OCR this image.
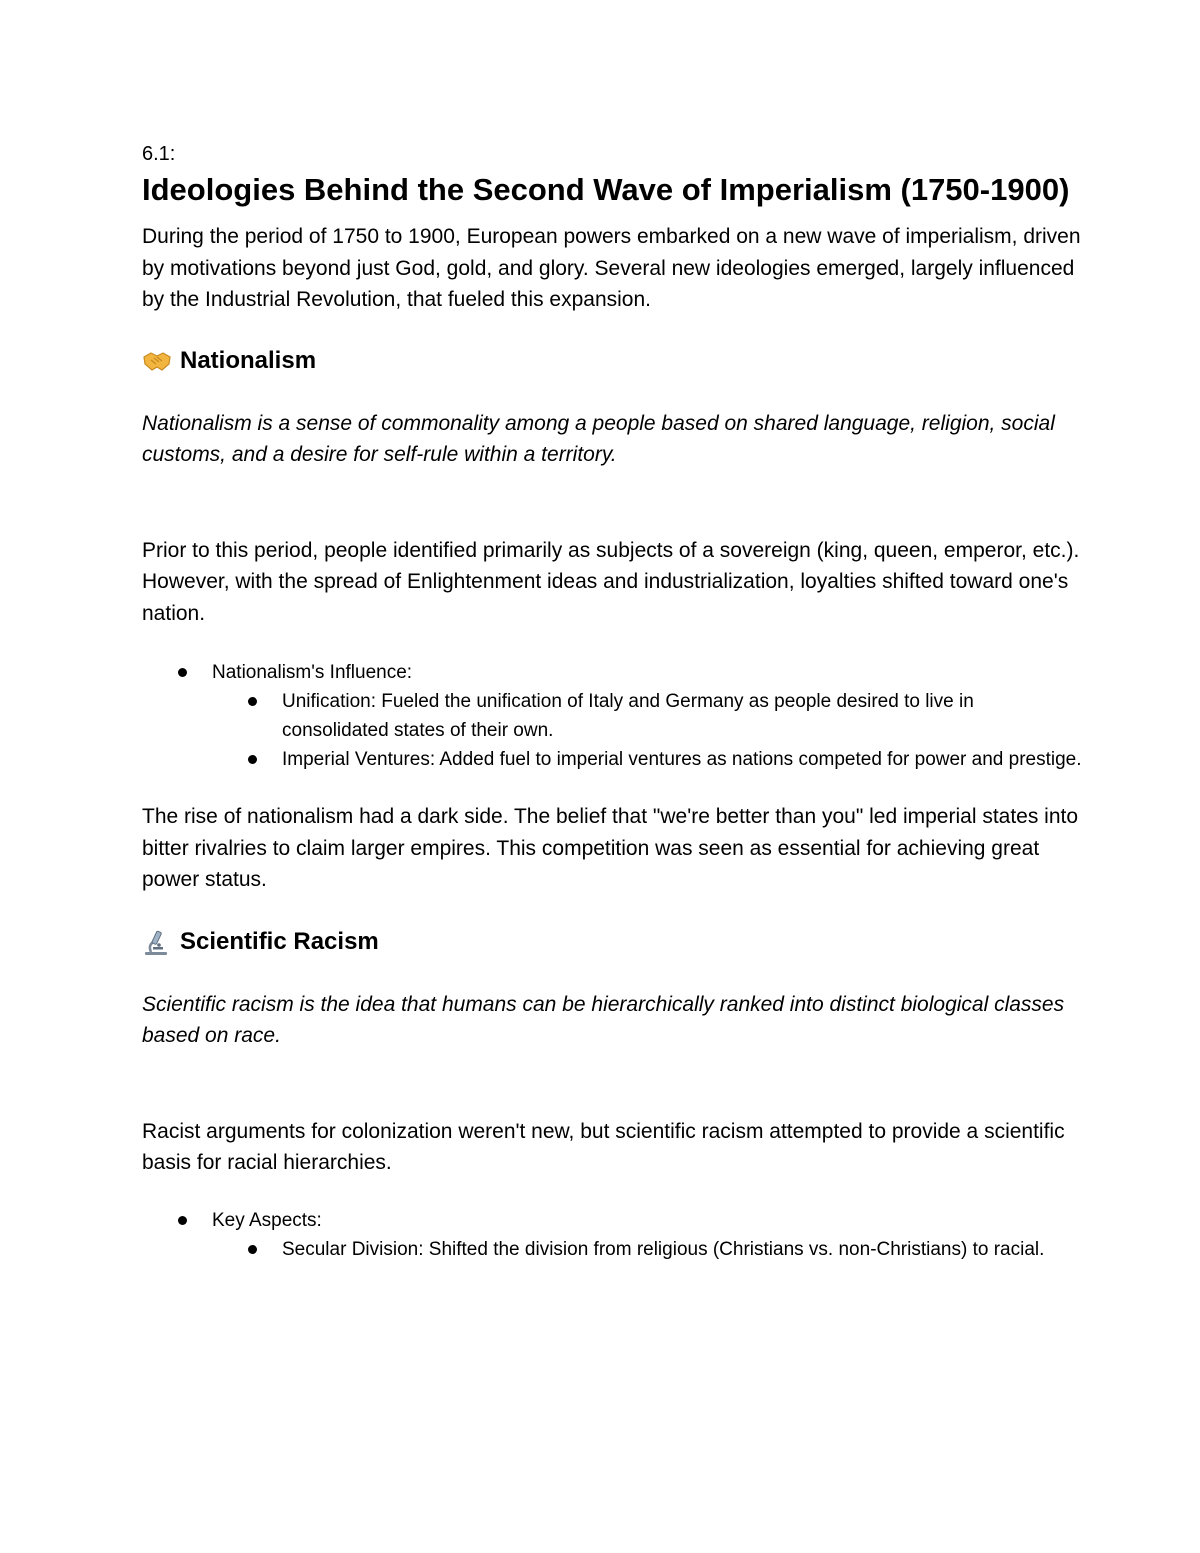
6.1:
Ideologies Behind the Second Wave of Imperialism (1750-1900)

During the period of 1750 to 1900, European powers embarked on a new wave of imperialism, driven by motivations beyond just God, gold, and glory. Several new ideologies emerged, largely influenced by the Industrial Revolution, that fueled this expansion.

Nationalism

Nationalism is a sense of commonality among a people based on shared language, religion, social customs, and a desire for self-rule within a territory.

Prior to this period, people identified primarily as subjects of a sovereign (king, queen, emperor, etc.). However, with the spread of Enlightenment ideas and industrialization, loyalties shifted toward one's nation.

Nationalism's Influence:
Unification: Fueled the unification of Italy and Germany as people desired to live in consolidated states of their own.
Imperial Ventures: Added fuel to imperial ventures as nations competed for power and prestige.

The rise of nationalism had a dark side. The belief that "we're better than you" led imperial states into bitter rivalries to claim larger empires. This competition was seen as essential for achieving great power status.

Scientific Racism

Scientific racism is the idea that humans can be hierarchically ranked into distinct biological classes based on race.

Racist arguments for colonization weren't new, but scientific racism attempted to provide a scientific basis for racial hierarchies.

Key Aspects:
Secular Division: Shifted the division from religious (Christians vs. non-Christians) to racial.
